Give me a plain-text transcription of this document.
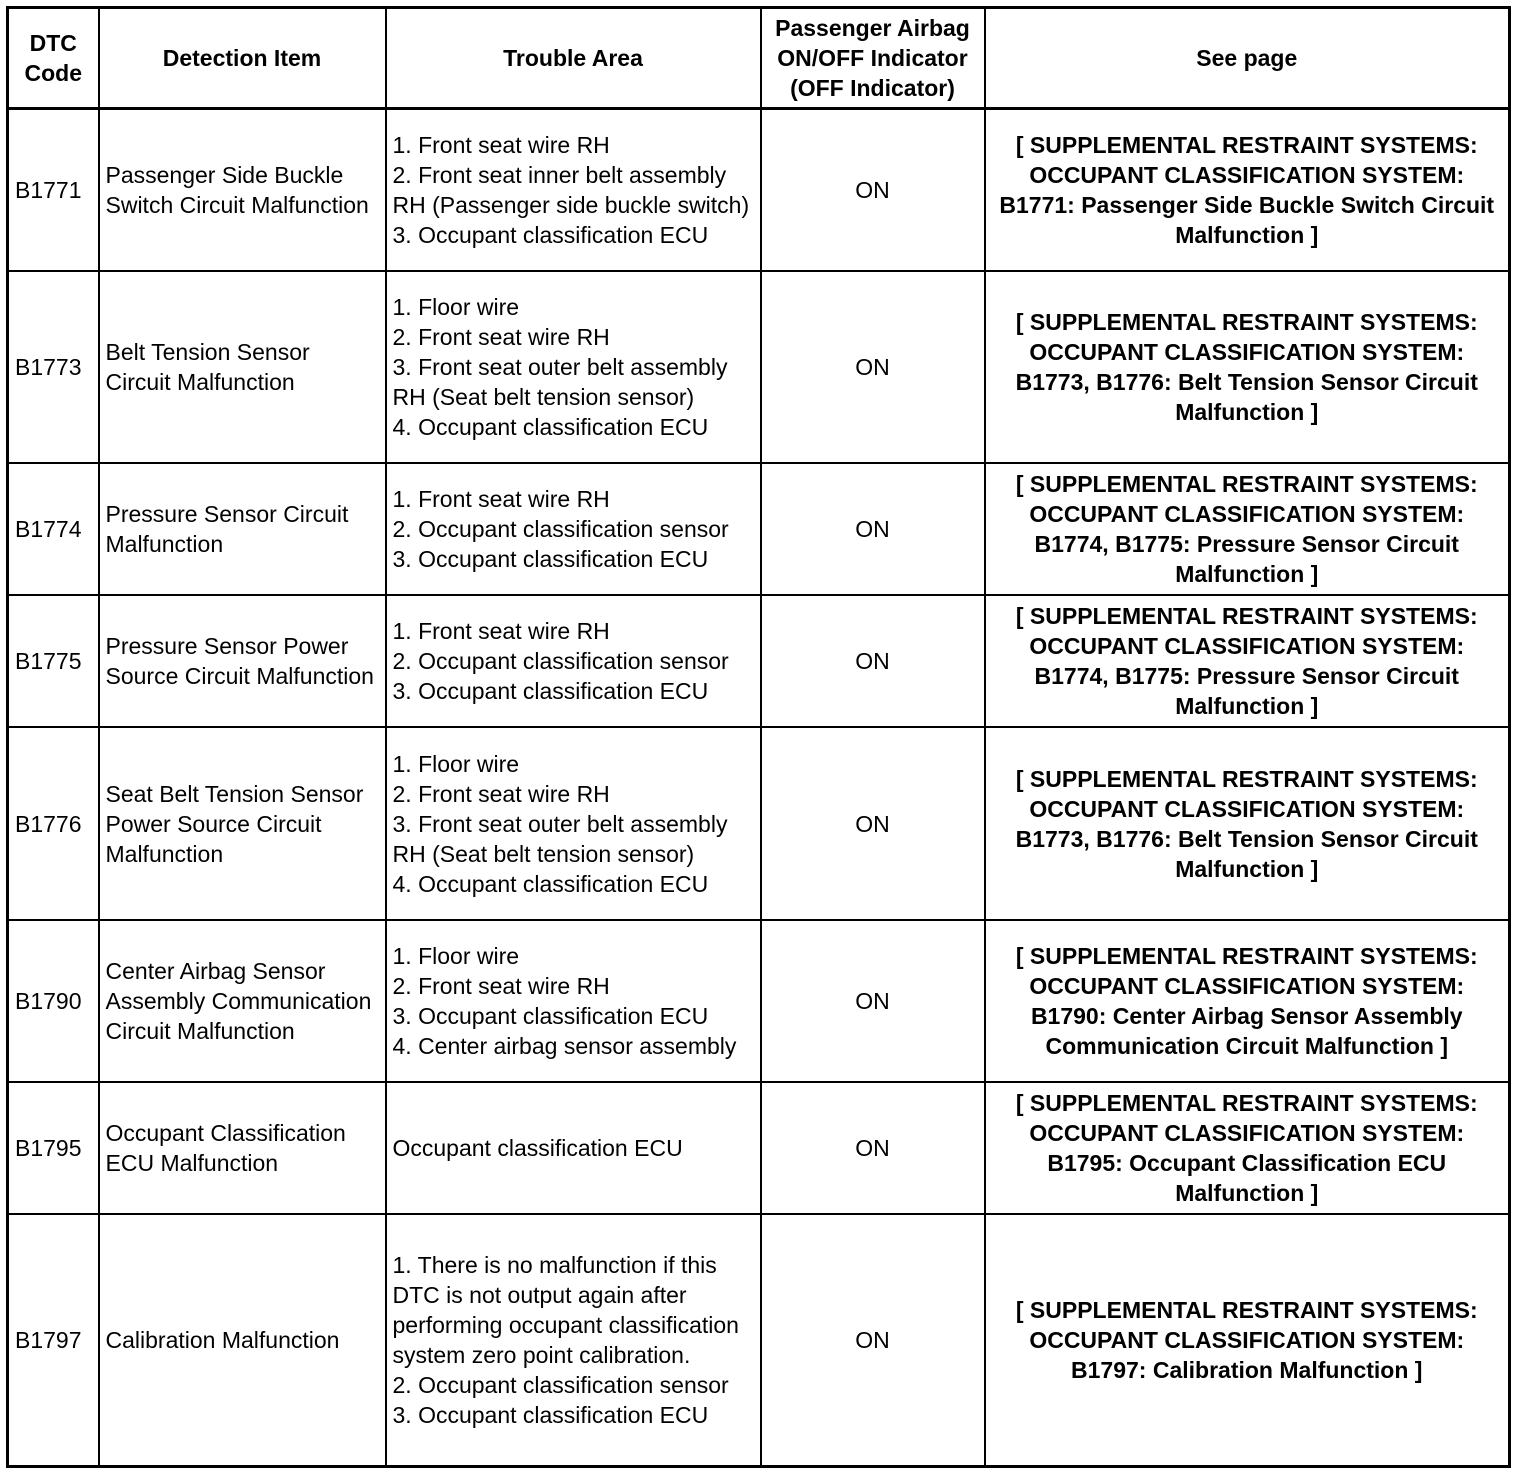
DTC Code	Detection Item	Trouble Area	Passenger Airbag ON/OFF Indicator (OFF Indicator)	See page
B1771	Passenger Side Buckle Switch Circuit Malfunction	1. Front seat wire RH
2. Front seat inner belt assembly RH (Passenger side buckle switch)
3. Occupant classification ECU	ON	[ SUPPLEMENTAL RESTRAINT SYSTEMS: OCCUPANT CLASSIFICATION SYSTEM: B1771: Passenger Side Buckle Switch Circuit Malfunction ]
B1773	Belt Tension Sensor Circuit Malfunction	1. Floor wire
2. Front seat wire RH
3. Front seat outer belt assembly RH (Seat belt tension sensor)
4. Occupant classification ECU	ON	[ SUPPLEMENTAL RESTRAINT SYSTEMS: OCCUPANT CLASSIFICATION SYSTEM: B1773, B1776: Belt Tension Sensor Circuit Malfunction ]
B1774	Pressure Sensor Circuit Malfunction	1. Front seat wire RH
2. Occupant classification sensor
3. Occupant classification ECU	ON	[ SUPPLEMENTAL RESTRAINT SYSTEMS: OCCUPANT CLASSIFICATION SYSTEM: B1774, B1775: Pressure Sensor Circuit Malfunction ]
B1775	Pressure Sensor Power Source Circuit Malfunction	1. Front seat wire RH
2. Occupant classification sensor
3. Occupant classification ECU	ON	[ SUPPLEMENTAL RESTRAINT SYSTEMS: OCCUPANT CLASSIFICATION SYSTEM: B1774, B1775: Pressure Sensor Circuit Malfunction ]
B1776	Seat Belt Tension Sensor Power Source Circuit Malfunction	1. Floor wire
2. Front seat wire RH
3. Front seat outer belt assembly RH (Seat belt tension sensor)
4. Occupant classification ECU	ON	[ SUPPLEMENTAL RESTRAINT SYSTEMS: OCCUPANT CLASSIFICATION SYSTEM: B1773, B1776: Belt Tension Sensor Circuit Malfunction ]
B1790	Center Airbag Sensor Assembly Communication Circuit Malfunction	1. Floor wire
2. Front seat wire RH
3. Occupant classification ECU
4. Center airbag sensor assembly	ON	[ SUPPLEMENTAL RESTRAINT SYSTEMS: OCCUPANT CLASSIFICATION SYSTEM: B1790: Center Airbag Sensor Assembly Communication Circuit Malfunction ]
B1795	Occupant Classification ECU Malfunction	Occupant classification ECU	ON	[ SUPPLEMENTAL RESTRAINT SYSTEMS: OCCUPANT CLASSIFICATION SYSTEM: B1795: Occupant Classification ECU Malfunction ]
B1797	Calibration Malfunction	1. There is no malfunction if this DTC is not output again after performing occupant classification system zero point calibration.
2. Occupant classification sensor
3. Occupant classification ECU	ON	[ SUPPLEMENTAL RESTRAINT SYSTEMS: OCCUPANT CLASSIFICATION SYSTEM: B1797: Calibration Malfunction ]
